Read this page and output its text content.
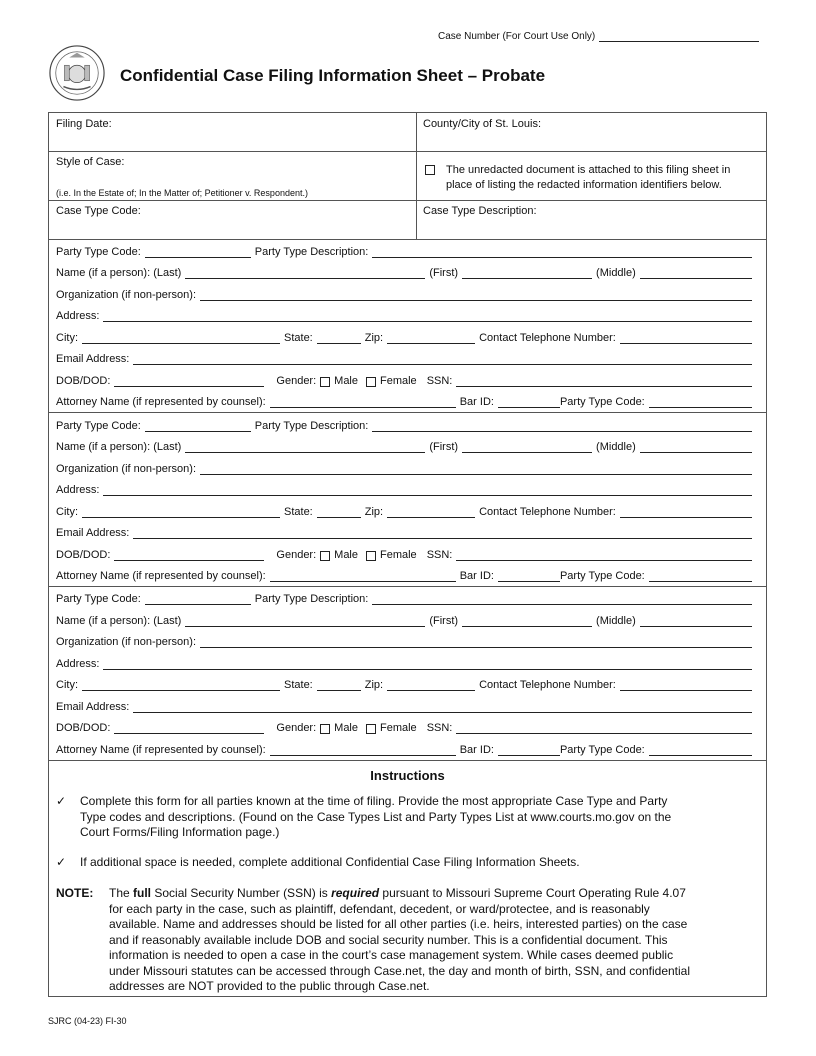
Case Number (For Court Use Only)
Confidential Case Filing Information Sheet – Probate
Filing Date:	County/City of St. Louis:
Style of Case:
(i.e. In the Estate of; In the Matter of; Petitioner v. Respondent.)
The unredacted document is attached to this filing sheet in
place of listing the redacted information identifiers below.
Case Type Code:	Case Type Description:
Party Type Code:	Party Type Description:
Name (if a person): (Last)	(First)	(Middle)
Organization (if non-person):
Address:
City:	State:	Zip:	Contact Telephone Number:
Email Address:
DOB/DOD:	Gender: Male Female SSN:
Attorney Name (if represented by counsel):	Bar ID:	Party Type Code:
Party Type Code:	Party Type Description:
Name (if a person): (Last)	(First)	(Middle)
Organization (if non-person):
Address:
City:	State:	Zip:	Contact Telephone Number:
Email Address:
DOB/DOD:	Gender: Male Female SSN:
Attorney Name (if represented by counsel):	Bar ID:	Party Type Code:
Party Type Code:	Party Type Description:
Name (if a person): (Last)	(First)	(Middle)
Organization (if non-person):
Address:
City:	State:	Zip:	Contact Telephone Number:
Email Address:
DOB/DOD:	Gender: Male Female SSN:
Attorney Name (if represented by counsel):	Bar ID:	Party Type Code:
Instructions
✓ Complete this form for all parties known at the time of filing. Provide the most appropriate Case Type and Party
Type codes and descriptions. (Found on the Case Types List and Party Types List at www.courts.mo.gov on the
Court Forms/Filing Information page.)
✓ If additional space is needed, complete additional Confidential Case Filing Information Sheets.
NOTE: The full Social Security Number (SSN) is required pursuant to Missouri Supreme Court Operating Rule 4.07
for each party in the case, such as plaintiff, defendant, decedent, or ward/protectee, and is reasonably
available. Name and addresses should be listed for all other parties (i.e. heirs, interested parties) on the case
and if reasonably available include DOB and social security number. This is a confidential document. This
information is needed to open a case in the court’s case management system. While cases deemed public
under Missouri statutes can be accessed through Case.net, the day and month of birth, SSN, and confidential
addresses are NOT provided to the public through Case.net.
SJRC (04-23) FI-30
